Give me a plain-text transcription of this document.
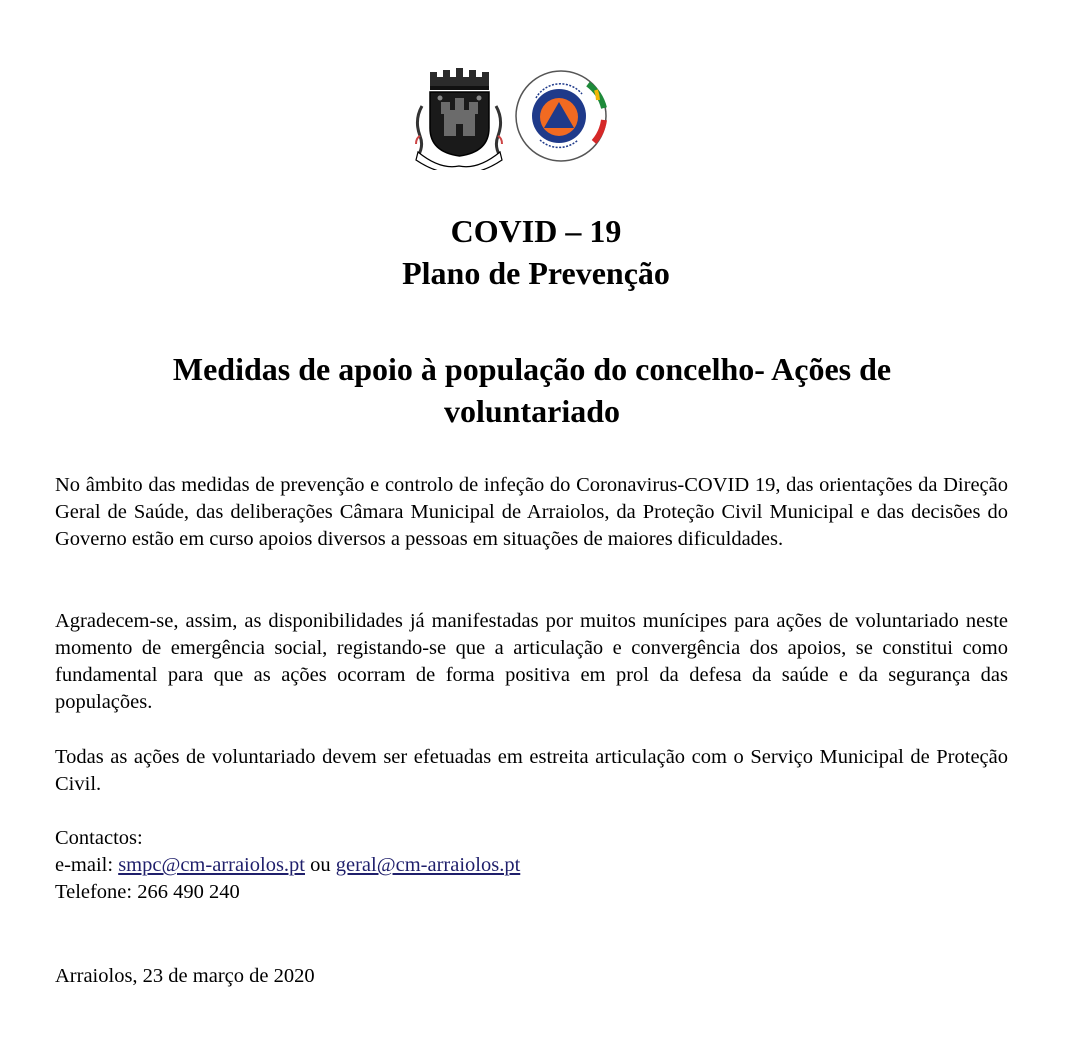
COVID – 19
Plano de Prevenção
Medidas de apoio à população do concelho- Ações de voluntariado

No âmbito das medidas de prevenção e controlo de infeção do Coronavirus-COVID 19, das orientações da Direção Geral de Saúde, das deliberações Câmara Municipal de Arraiolos, da Proteção Civil Municipal e das decisões do Governo estão em curso apoios diversos a pessoas em situações de maiores dificuldades.

Agradecem-se, assim, as disponibilidades já manifestadas por muitos munícipes para ações de voluntariado neste momento de emergência social, registando-se que a articulação e convergência dos apoios, se constitui como fundamental para que as ações ocorram de forma positiva em prol da defesa da saúde e da segurança das populações.

Todas as ações de voluntariado devem ser efetuadas em estreita articulação com o Serviço Municipal de Proteção Civil.

Contactos:
e-mail: smpc@cm-arraiolos.pt ou geral@cm-arraiolos.pt
Telefone: 266 490 240
Arraiolos, 23 de março de 2020
